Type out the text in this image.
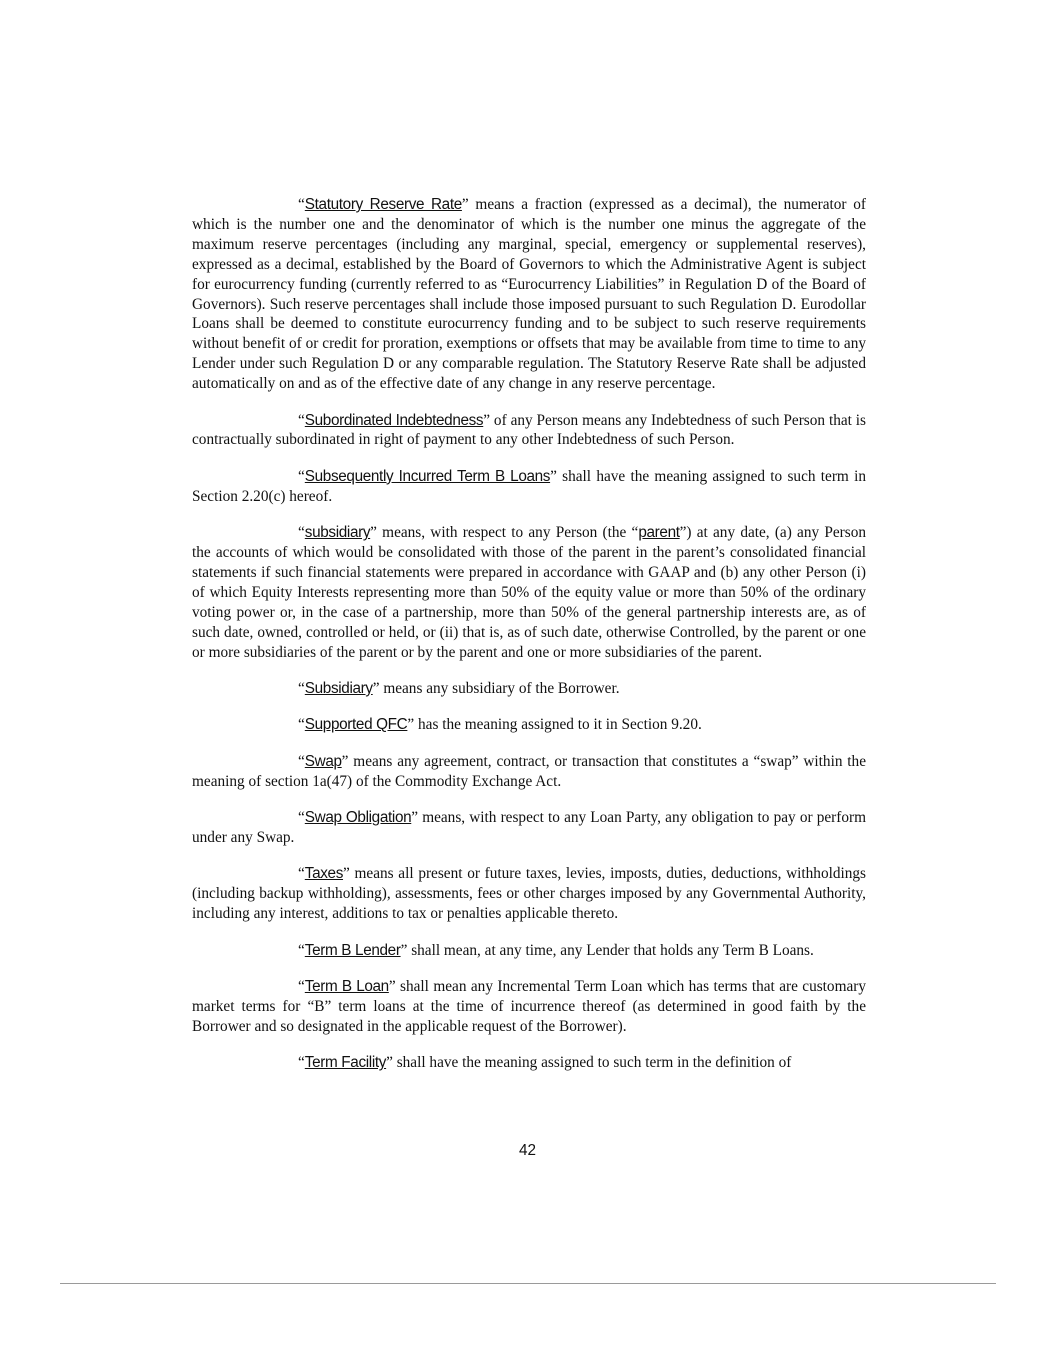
“Statutory Reserve Rate” means a fraction (expressed as a decimal), the numerator of which is the number one and the denominator of which is the number one minus the aggregate of the maximum reserve percentages (including any marginal, special, emergency or supplemental reserves), expressed as a decimal, established by the Board of Governors to which the Administrative Agent is subject for eurocurrency funding (currently referred to as “Eurocurrency Liabilities” in Regulation D of the Board of Governors). Such reserve percentages shall include those imposed pursuant to such Regulation D. Eurodollar Loans shall be deemed to constitute eurocurrency funding and to be subject to such reserve requirements without benefit of or credit for proration, exemptions or offsets that may be available from time to time to any Lender under such Regulation D or any comparable regulation. The Statutory Reserve Rate shall be adjusted automatically on and as of the effective date of any change in any reserve percentage.

“Subordinated Indebtedness” of any Person means any Indebtedness of such Person that is contractually subordinated in right of payment to any other Indebtedness of such Person.

“Subsequently Incurred Term B Loans” shall have the meaning assigned to such term in Section 2.20(c) hereof.

“subsidiary” means, with respect to any Person (the “parent”) at any date, (a) any Person the accounts of which would be consolidated with those of the parent in the parent’s consolidated financial statements if such financial statements were prepared in accordance with GAAP and (b) any other Person (i) of which Equity Interests representing more than 50% of the equity value or more than 50% of the ordinary voting power or, in the case of a partnership, more than 50% of the general partnership interests are, as of such date, owned, controlled or held, or (ii) that is, as of such date, otherwise Controlled, by the parent or one or more subsidiaries of the parent or by the parent and one or more subsidiaries of the parent.

“Subsidiary” means any subsidiary of the Borrower.

“Supported QFC” has the meaning assigned to it in Section 9.20.

“Swap” means any agreement, contract, or transaction that constitutes a “swap” within the meaning of section 1a(47) of the Commodity Exchange Act.

“Swap Obligation” means, with respect to any Loan Party, any obligation to pay or perform under any Swap.

“Taxes” means all present or future taxes, levies, imposts, duties, deductions, withholdings (including backup withholding), assessments, fees or other charges imposed by any Governmental Authority, including any interest, additions to tax or penalties applicable thereto.

“Term B Lender” shall mean, at any time, any Lender that holds any Term B Loans.

“Term B Loan” shall mean any Incremental Term Loan which has terms that are customary market terms for “B” term loans at the time of incurrence thereof (as determined in good faith by the Borrower and so designated in the applicable request of the Borrower).

“Term Facility” shall have the meaning assigned to such term in the definition of

42
